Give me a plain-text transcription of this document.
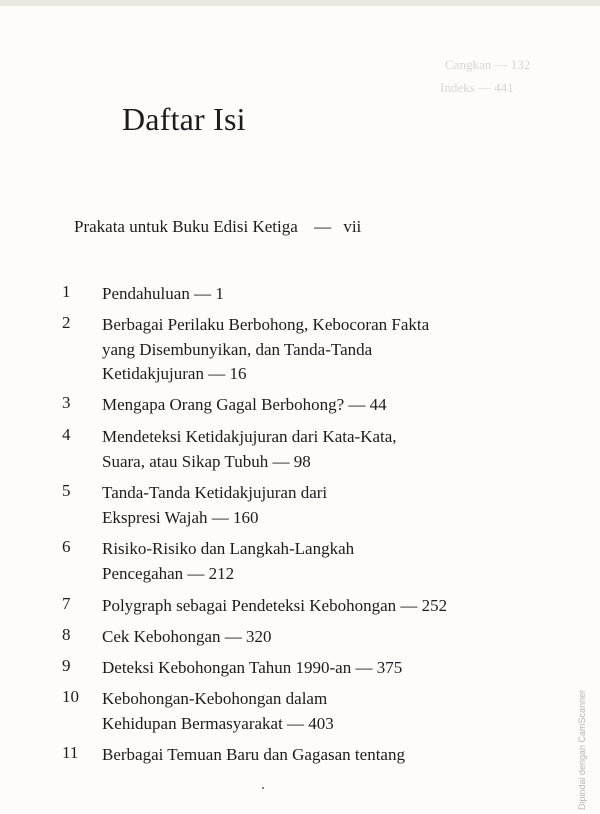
Cangkan — 132
Indeks — 441
Daftar Isi
Prakata untuk Buku Edisi Ketiga — vii
1	Pendahuluan — 1
2	Berbagai Perilaku Berbohong, Kebocoran Fakta
yang Disembunyikan, dan Tanda-Tanda
Ketidakjujuran — 16
3	Mengapa Orang Gagal Berbohong? — 44
4	Mendeteksi Ketidakjujuran dari Kata-Kata,
Suara, atau Sikap Tubuh — 98
5	Tanda-Tanda Ketidakjujuran dari
Ekspresi Wajah — 160
6	Risiko-Risiko dan Langkah-Langkah
Pencegahan — 212
7	Polygraph sebagai Pendeteksi Kebohongan — 252
8	Cek Kebohongan — 320
9	Deteksi Kebohongan Tahun 1990-an — 375
10	Kebohongan-Kebohongan dalam
Kehidupan Bermasyarakat — 403
11	Berbagai Temuan Baru dan Gagasan tentang	Dipindai dengan CamScanner
